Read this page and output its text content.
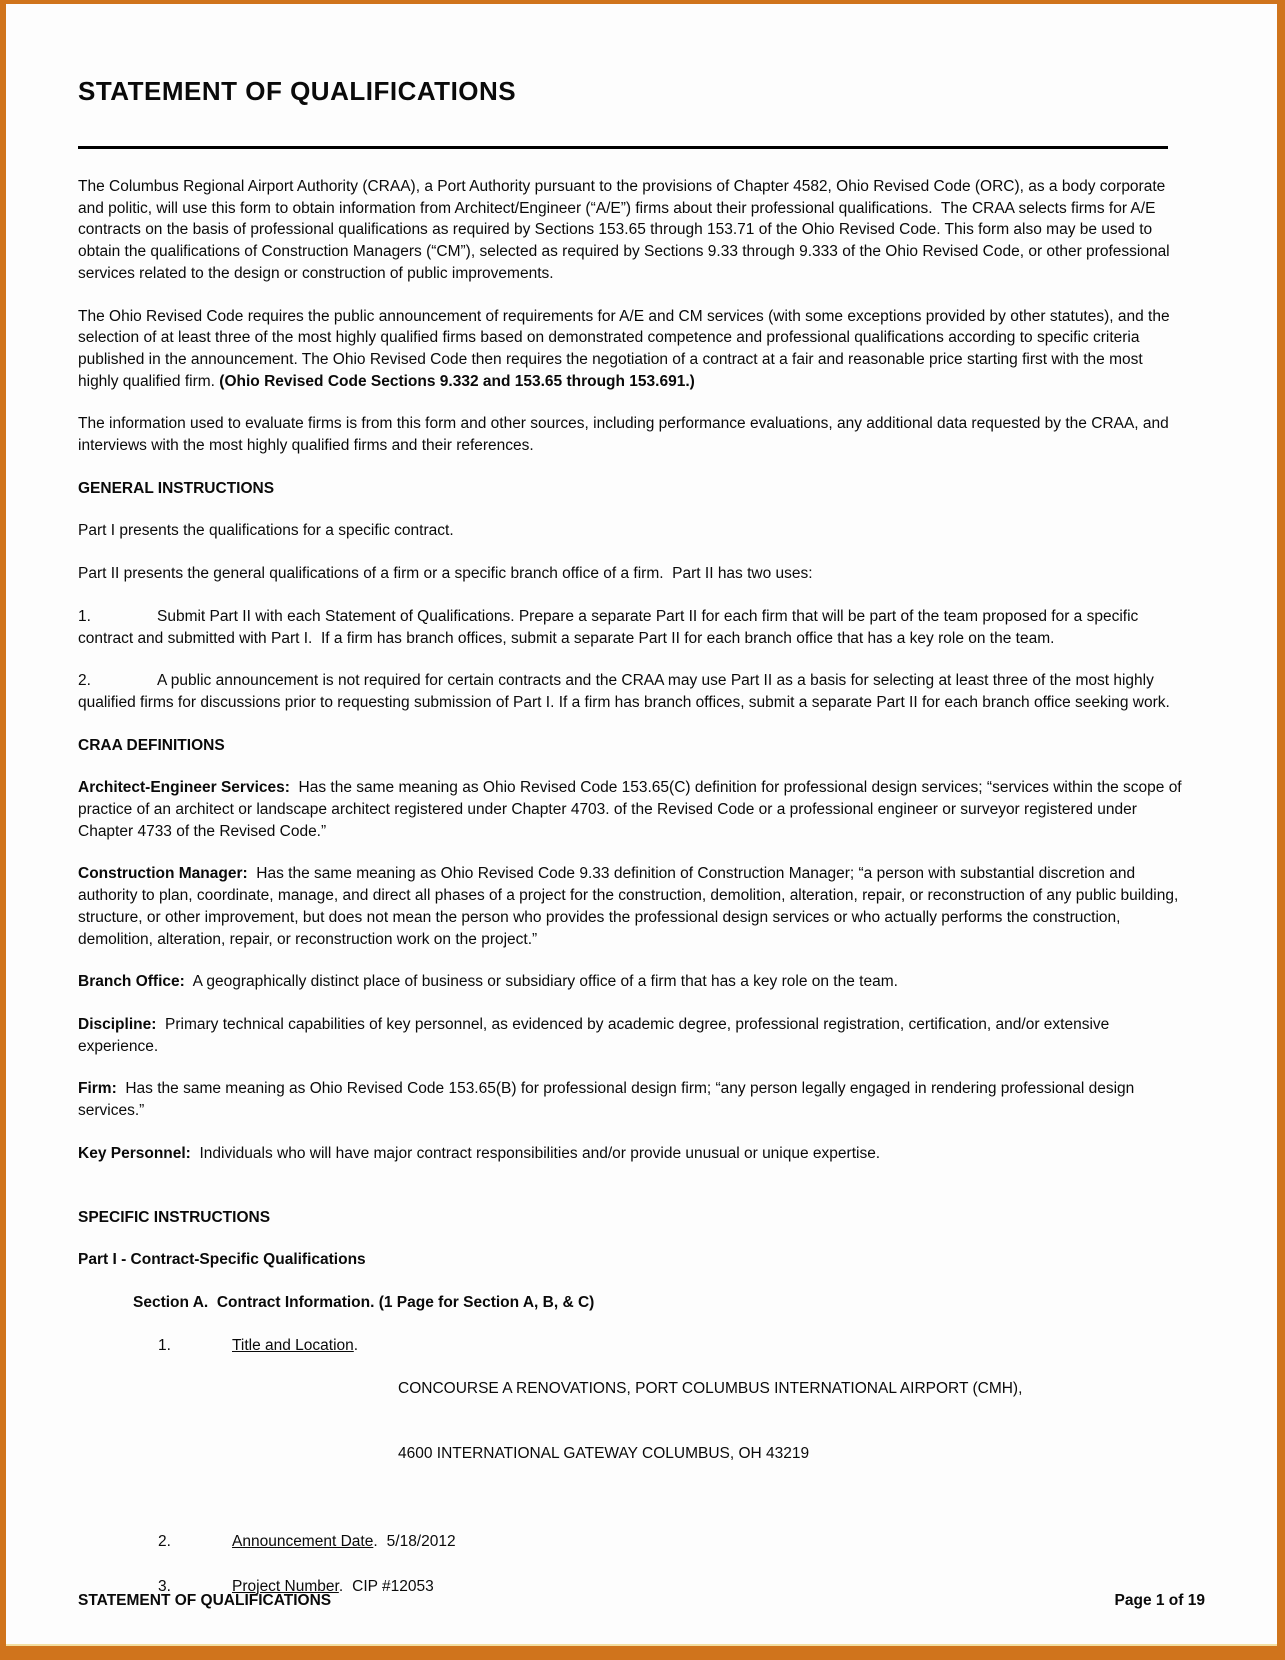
STATEMENT OF QUALIFICATIONS

The Columbus Regional Airport Authority (CRAA), a Port Authority pursuant to the provisions of Chapter 4582, Ohio Revised Code (ORC), as a body corporate and politic, will use this form to obtain information from Architect/Engineer (“A/E”) firms about their professional qualifications.  The CRAA selects firms for A/E contracts on the basis of professional qualifications as required by Sections 153.65 through 153.71 of the Ohio Revised Code. This form also may be used to obtain the qualifications of Construction Managers (“CM”), selected as required by Sections 9.33 through 9.333 of the Ohio Revised Code, or other professional services related to the design or construction of public improvements.

The Ohio Revised Code requires the public announcement of requirements for A/E and CM services (with some exceptions provided by other statutes), and the selection of at least three of the most highly qualified firms based on demonstrated competence and professional qualifications according to specific criteria published in the announcement. The Ohio Revised Code then requires the negotiation of a contract at a fair and reasonable price starting first with the most highly qualified firm. (Ohio Revised Code Sections 9.332 and 153.65 through 153.691.)

The information used to evaluate firms is from this form and other sources, including performance evaluations, any additional data requested by the CRAA, and interviews with the most highly qualified firms and their references.

GENERAL INSTRUCTIONS

Part I presents the qualifications for a specific contract.

Part II presents the general qualifications of a firm or a specific branch office of a firm.  Part II has two uses:

1.	Submit Part II with each Statement of Qualifications. Prepare a separate Part II for each firm that will be part of the team proposed for a specific contract and submitted with Part I.  If a firm has branch offices, submit a separate Part II for each branch office that has a key role on the team.

2.	A public announcement is not required for certain contracts and the CRAA may use Part II as a basis for selecting at least three of the most highly qualified firms for discussions prior to requesting submission of Part I. If a firm has branch offices, submit a separate Part II for each branch office seeking work.

CRAA DEFINITIONS

Architect-Engineer Services:  Has the same meaning as Ohio Revised Code 153.65(C) definition for professional design services; “services within the scope of practice of an architect or landscape architect registered under Chapter 4703. of the Revised Code or a professional engineer or surveyor registered under Chapter 4733 of the Revised Code.”

Construction Manager:  Has the same meaning as Ohio Revised Code 9.33 definition of Construction Manager; “a person with substantial discretion and authority to plan, coordinate, manage, and direct all phases of a project for the construction, demolition, alteration, repair, or reconstruction of any public building, structure, or other improvement, but does not mean the person who provides the professional design services or who actually performs the construction, demolition, alteration, repair, or reconstruction work on the project.”

Branch Office:  A geographically distinct place of business or subsidiary office of a firm that has a key role on the team.

Discipline:  Primary technical capabilities of key personnel, as evidenced by academic degree, professional registration, certification, and/or extensive experience.

Firm:  Has the same meaning as Ohio Revised Code 153.65(B) for professional design firm; “any person legally engaged in rendering professional design services.”

Key Personnel:  Individuals who will have major contract responsibilities and/or provide unusual or unique expertise.

SPECIFIC INSTRUCTIONS

Part I - Contract-Specific Qualifications

Section A.  Contract Information. (1 Page for Section A, B, & C)

1.	Title and Location.

CONCOURSE A RENOVATIONS, PORT COLUMBUS INTERNATIONAL AIRPORT (CMH),

4600 INTERNATIONAL GATEWAY COLUMBUS, OH 43219

2.	Announcement Date. 5/18/2012
3.	Project Number. CIP #12053
STATEMENT OF QUALIFICATIONS	Page 1 of 19
